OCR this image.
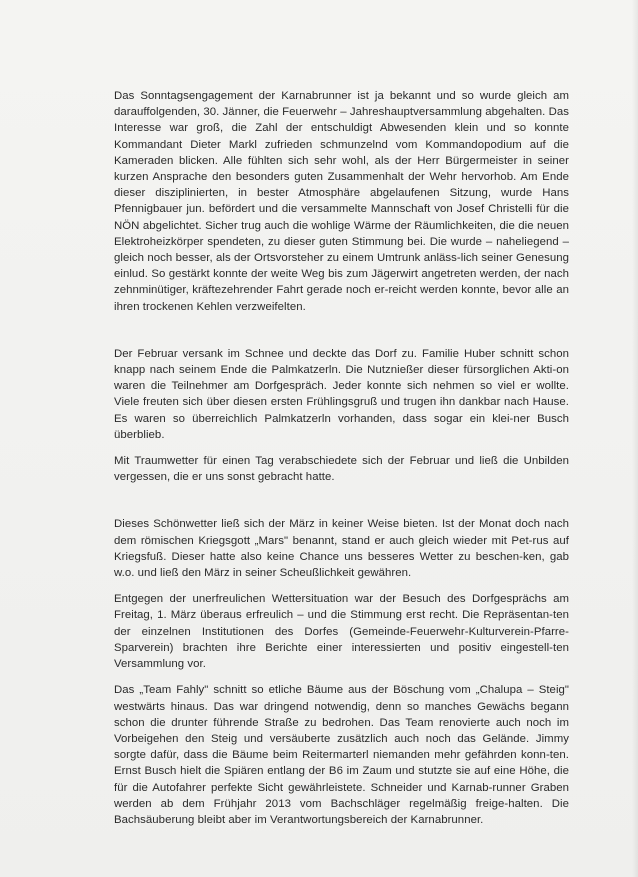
Das Sonntagsengagement der Karnabrunner ist ja bekannt und so wurde gleich am darauffolgenden, 30. Jänner, die Feuerwehr – Jahreshauptversammlung abgehalten. Das Interesse war groß, die Zahl der entschuldigt Abwesenden klein und so konnte Kommandant Dieter Markl zufrieden schmunzelnd vom Kommandopodium auf die Kameraden blicken. Alle fühlten sich sehr wohl, als der Herr Bürgermeister in seiner kurzen Ansprache den besonders guten Zusammenhalt der Wehr hervorhob. Am Ende dieser disziplinierten, in bester Atmosphäre abgelaufenen Sitzung, wurde Hans Pfennigbauer jun. befördert und die versammelte Mannschaft von Josef Christelli für die NÖN abgelichtet. Sicher trug auch die wohlige Wärme der Räumlichkeiten, die die neuen Elektroheizkörper spendeten, zu dieser guten Stimmung bei. Die wurde – naheliegend – gleich noch besser, als der Ortsvorsteher zu einem Umtrunk anläss-lich seiner Genesung einlud. So gestärkt konnte der weite Weg bis zum Jägerwirt angetreten werden, der nach zehnminütiger, kräftezehrender Fahrt gerade noch er-reicht werden konnte, bevor alle an ihren trockenen Kehlen verzweifelten.

Der Februar versank im Schnee und deckte das Dorf zu. Familie Huber schnitt schon knapp nach seinem Ende die Palmkatzerln. Die Nutznießer dieser fürsorglichen Akti-on waren die Teilnehmer am Dorfgespräch. Jeder konnte sich nehmen so viel er wollte. Viele freuten sich über diesen ersten Frühlingsgruß und trugen ihn dankbar nach Hause. Es waren so überreichlich Palmkatzerln vorhanden, dass sogar ein klei-ner Busch überblieb.

Mit Traumwetter für einen Tag verabschiedete sich der Februar und ließ die Unbilden vergessen, die er uns sonst gebracht hatte.

Dieses Schönwetter ließ sich der März in keiner Weise bieten. Ist der Monat doch nach dem römischen Kriegsgott „Mars" benannt, stand er auch gleich wieder mit Pet-rus auf Kriegsfuß. Dieser hatte also keine Chance uns besseres Wetter zu beschen-ken, gab w.o. und ließ den März in seiner Scheußlichkeit gewähren.

Entgegen der unerfreulichen Wettersituation war der Besuch des Dorfgesprächs am Freitag, 1. März überaus erfreulich – und die Stimmung erst recht. Die Repräsentan-ten der einzelnen Institutionen des Dorfes (Gemeinde-Feuerwehr-Kulturverein-Pfarre-Sparverein) brachten ihre Berichte einer interessierten und positiv eingestell-ten Versammlung vor.

Das „Team Fahly" schnitt so etliche Bäume aus der Böschung vom „Chalupa – Steig" westwärts hinaus. Das war dringend notwendig, denn so manches Gewächs begann schon die drunter führende Straße zu bedrohen. Das Team renovierte auch noch im Vorbeigehen den Steig und versäuberte zusätzlich auch noch das Gelände. Jimmy sorgte dafür, dass die Bäume beim Reitermarterl niemanden mehr gefährden konn-ten. Ernst Busch hielt die Spiären entlang der B6 im Zaum und stutzte sie auf eine Höhe, die für die Autofahrer perfekte Sicht gewährleistete. Schneider und Karnab-runner Graben werden ab dem Frühjahr 2013 vom Bachschläger regelmäßig freige-halten. Die Bachsäuberung bleibt aber im Verantwortungsbereich der Karnabrunner.
